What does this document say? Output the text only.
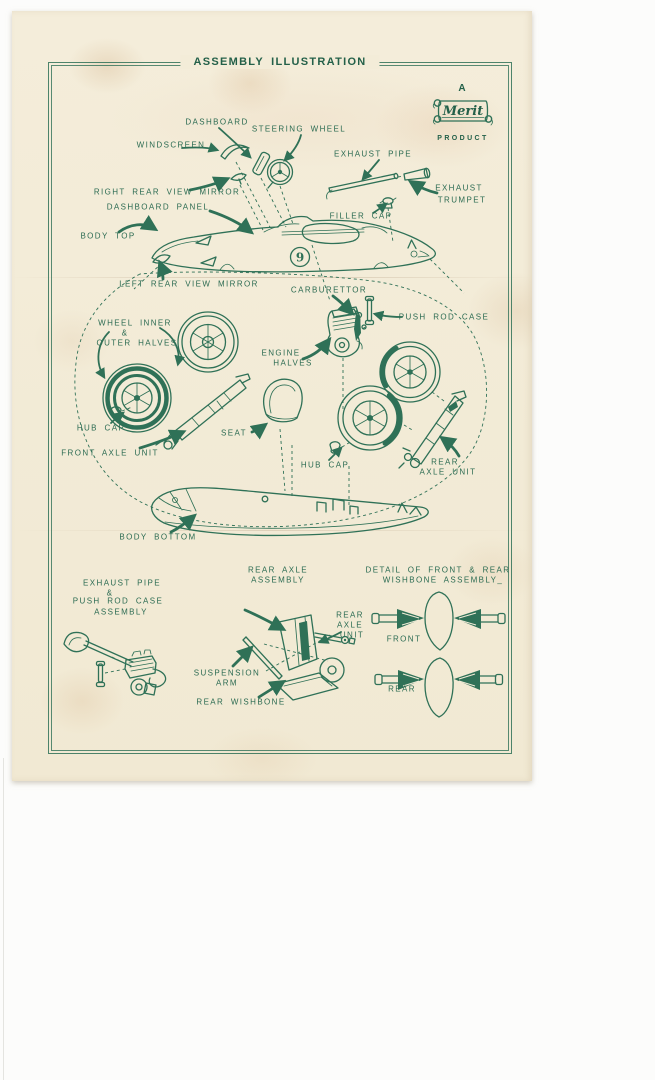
ASSEMBLY ILLUSTRATION
A
Merit
PRODUCT
9
DASHBOARD
STEERING WHEEL
WINDSCREEN
EXHAUST PIPE
RIGHT REAR VIEW MIRROR	EXHAUST
TRUMPET
DASHBOARD PANEL
FILLER CAP
BODY TOP
LEFT REAR VIEW MIRROR
CARBURETTOR
PUSH ROD CASE
WHEEL INNER
&
OUTER HALVES
ENGINE
HALVES
HUB CAP
SEAT
FRONT AXLE UNIT
HUB CAP	REAR
AXLE UNIT
BODY BOTTOM
EXHAUST PIPE
&
PUSH ROD CASE
ASSEMBLY
REAR AXLE
ASSEMBLY
REAR
AXLE
UNIT
SUSPENSION
ARM
REAR WISHBONE
DETAIL OF FRONT & REAR
WISHBONE ASSEMBLY_
FRONT
REAR
